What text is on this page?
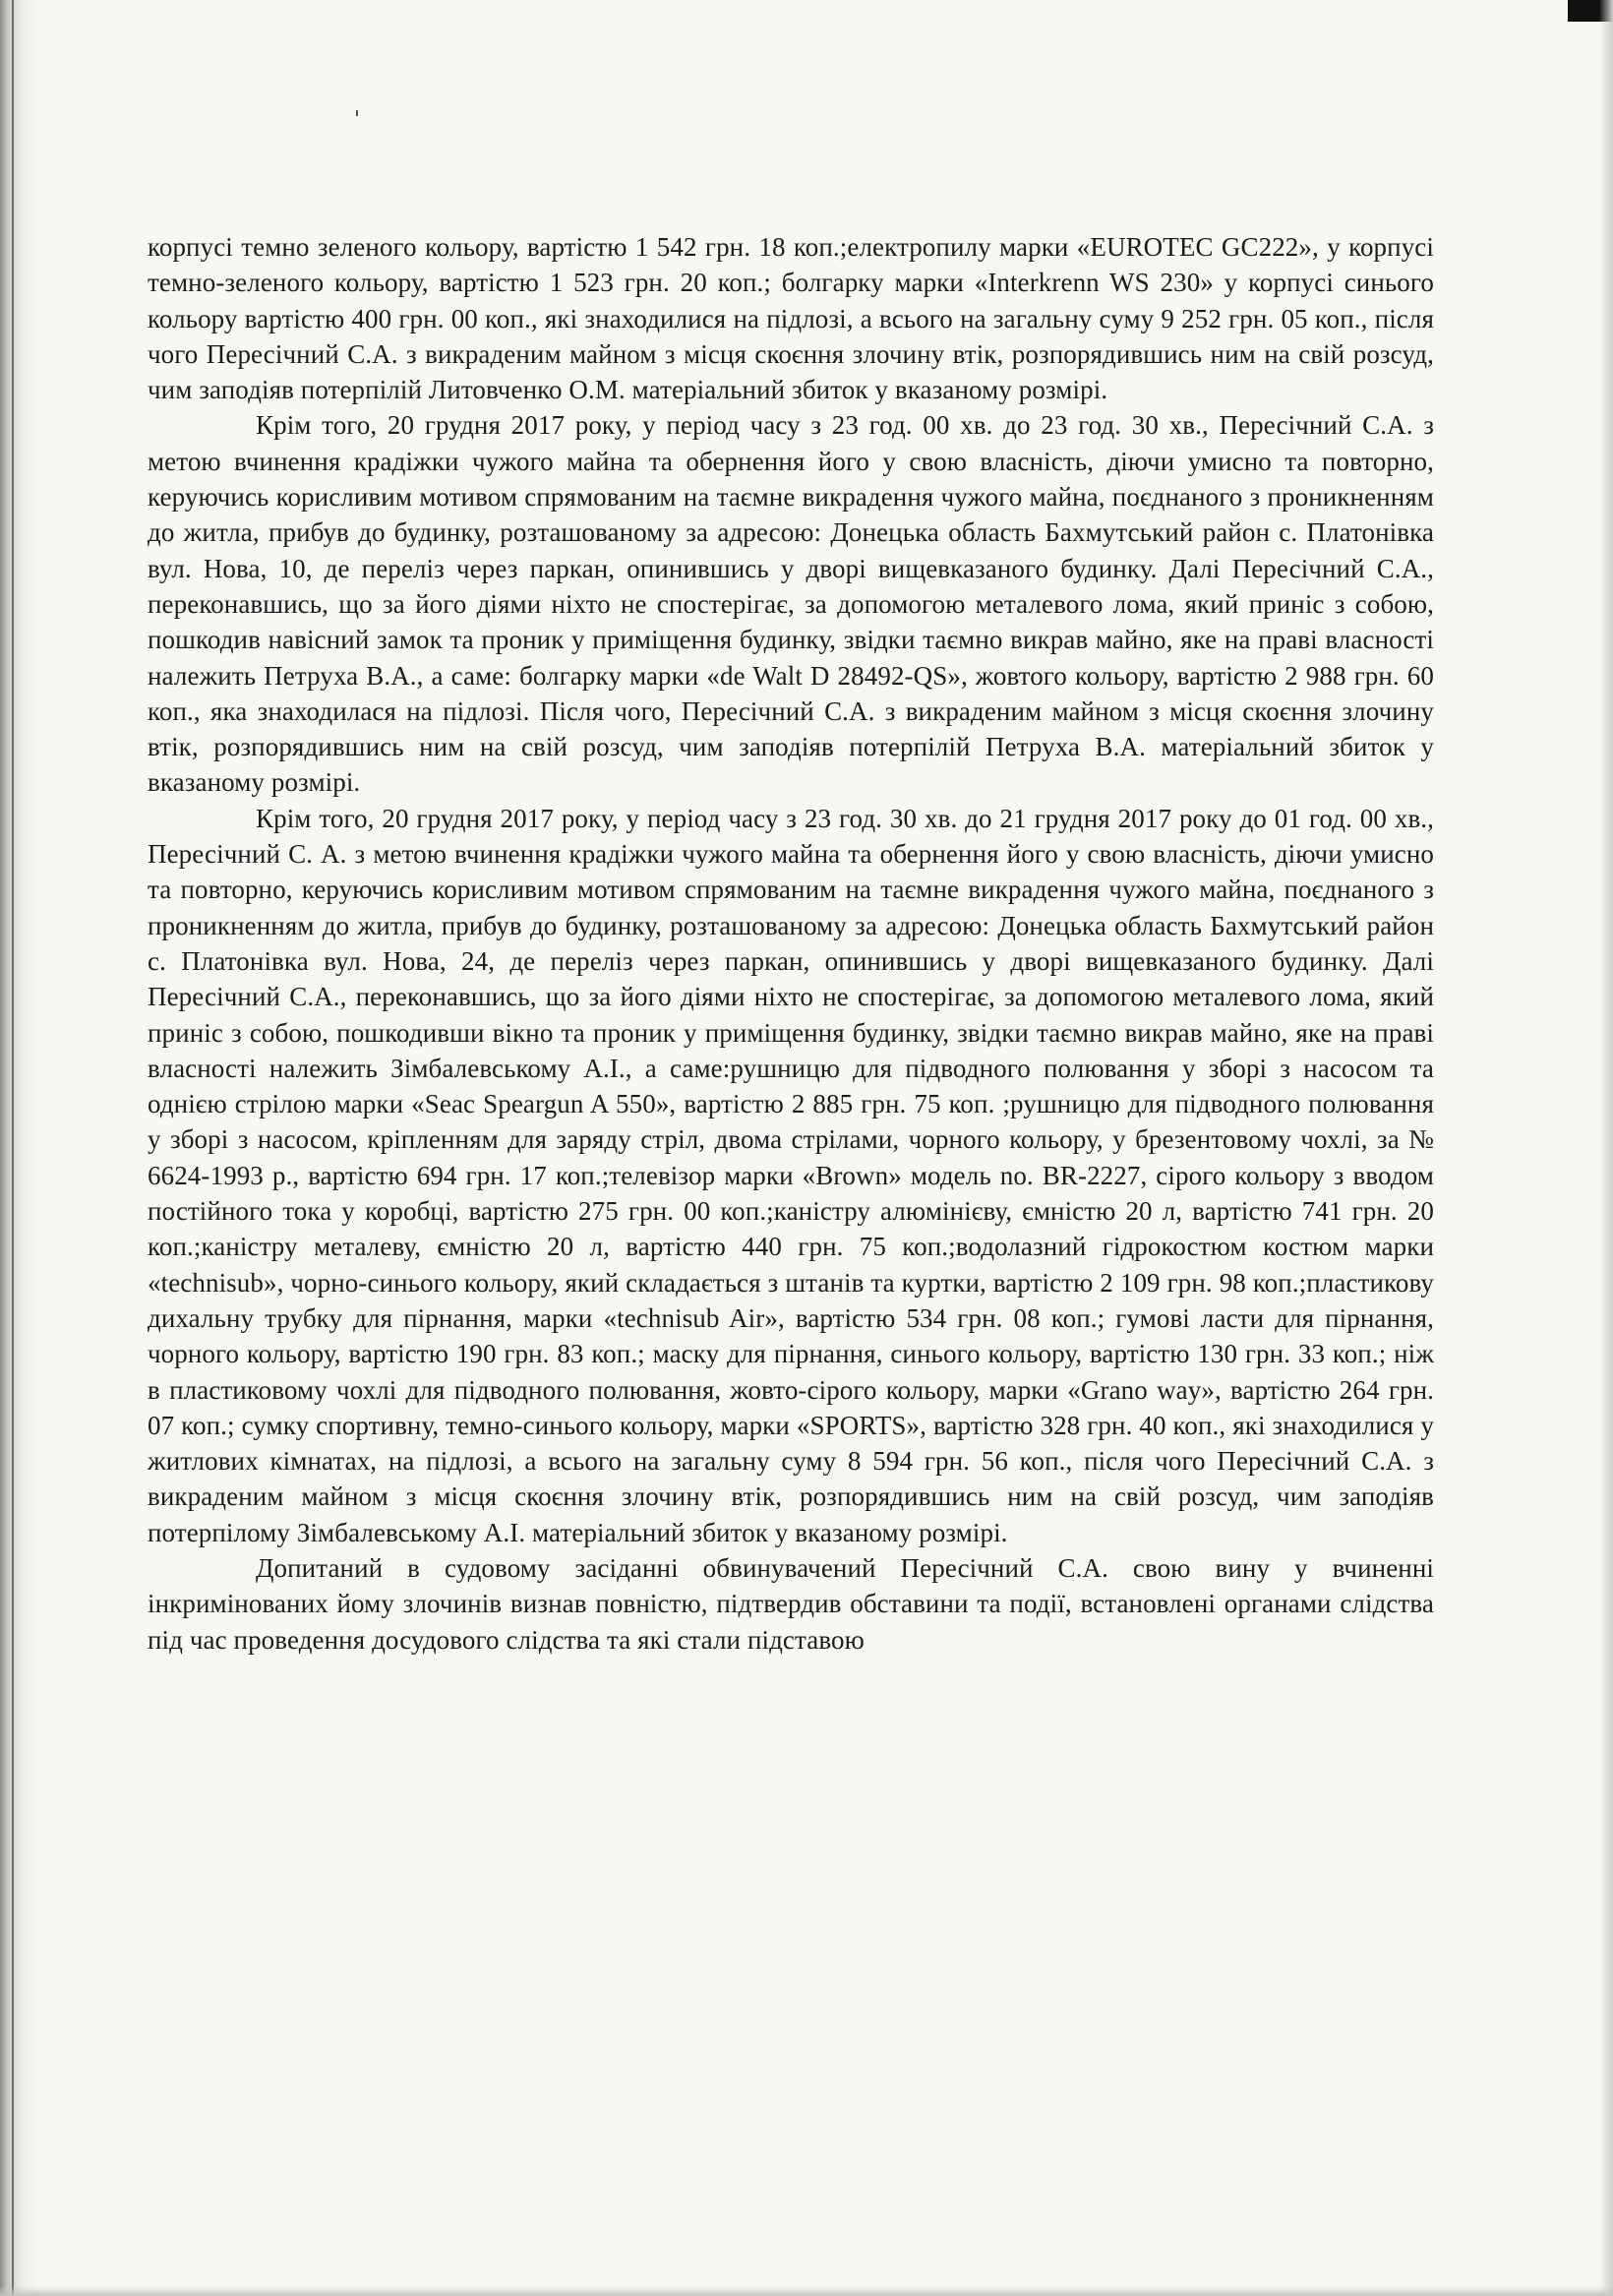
корпусі темно зеленого кольору, вартістю 1 542 грн. 18 коп.;електропилу марки «EUROTEC GC222», у корпусі темно-зеленого кольору, вартістю 1 523 грн. 20 коп.; болгарку марки «Interkrenn WS 230» у корпусі синього кольору вартістю 400 грн. 00 коп., які знаходилися на підлозі, а всього на загальну суму 9 252 грн. 05 коп., після чого Пересічний С.А. з викраденим майном з місця скоєння злочину втік, розпорядившись ним на свій розсуд, чим заподіяв потерпілій Литовченко О.М. матеріальний збиток у вказаному розмірі.

Крім того, 20 грудня 2017 року, у період часу з 23 год. 00 хв. до 23 год. 30 хв., Пересічний С.А. з метою вчинення крадіжки чужого майна та обернення його у свою власність, діючи умисно та повторно, керуючись корисливим мотивом спрямованим на таємне викрадення чужого майна, поєднаного з проникненням до житла, прибув до будинку, розташованому за адресою: Донецька область Бахмутський район с. Платонівка вул. Нова, 10, де переліз через паркан, опинившись у дворі вищевказаного будинку. Далі Пересічний С.А., переконавшись, що за його діями ніхто не спостерігає, за допомогою металевого лома, який приніс з собою, пошкодив навісний замок та проник у приміщення будинку, звідки таємно викрав майно, яке на праві власності належить Петруха В.А., а саме: болгарку марки «de Walt D 28492-QS», жовтого кольору, вартістю 2 988 грн. 60 коп., яка знаходилася на підлозі. Після чого, Пересічний С.А. з викраденим майном з місця скоєння злочину втік, розпорядившись ним на свій розсуд, чим заподіяв потерпілій Петруха В.А. матеріальний збиток у вказаному розмірі.

Крім того, 20 грудня 2017 року, у період часу з 23 год. 30 хв. до 21 грудня 2017 року до 01 год. 00 хв., Пересічний С. А. з метою вчинення крадіжки чужого майна та обернення його у свою власність, діючи умисно та повторно, керуючись корисливим мотивом спрямованим на таємне викрадення чужого майна, поєднаного з проникненням до житла, прибув до будинку, розташованому за адресою: Донецька область Бахмутський район с. Платонівка вул. Нова, 24, де переліз через паркан, опинившись у дворі вищевказаного будинку. Далі Пересічний С.А., переконавшись, що за його діями ніхто не спостерігає, за допомогою металевого лома, який приніс з собою, пошкодивши вікно та проник у приміщення будинку, звідки таємно викрав майно, яке на праві власності належить Зімбалевському А.І., а саме:рушницю для підводного полювання у зборі з насосом та однією стрілою марки «Seac Speargun A 550», вартістю 2 885 грн. 75 коп. ;рушницю для підводного полювання у зборі з насосом, кріпленням для заряду стріл, двома стрілами, чорного кольору, у брезентовому чохлі, за № 6624-1993 р., вартістю 694 грн. 17 коп.;телевізор марки «Brown» модель no. BR-2227, сірого кольору з вводом постійного тока у коробці, вартістю 275 грн. 00 коп.;каністру алюмінієву, ємністю 20 л, вартістю 741 грн. 20 коп.;каністру металеву, ємністю 20 л, вартістю 440 грн. 75 коп.;водолазний гідрокостюм костюм марки «technisub», чорно-синього кольору, який складається з штанів та куртки, вартістю 2 109 грн. 98 коп.;пластикову дихальну трубку для пірнання, марки «technisub Air», вартістю 534 грн. 08 коп.; гумові ласти для пірнання, чорного кольору, вартістю 190 грн. 83 коп.; маску для пірнання, синього кольору, вартістю 130 грн. 33 коп.; ніж в пластиковому чохлі для підводного полювання, жовто-сірого кольору, марки «Grano way», вартістю 264 грн. 07 коп.; сумку спортивну, темно-синього кольору, марки «SPORTS», вартістю 328 грн. 40 коп., які знаходилися у житлових кімнатах, на підлозі, а всього на загальну суму 8 594 грн. 56 коп., після чого Пересічний С.А. з викраденим майном з місця скоєння злочину втік, розпорядившись ним на свій розсуд, чим заподіяв потерпілому Зімбалевському А.І. матеріальний збиток у вказаному розмірі.

Допитаний в судовому засіданні обвинувачений Пересічний С.А. свою вину у вчиненні інкримінованих йому злочинів визнав повністю, підтвердив обставини та події, встановлені органами слідства під час проведення досудового слідства та які стали підставою
